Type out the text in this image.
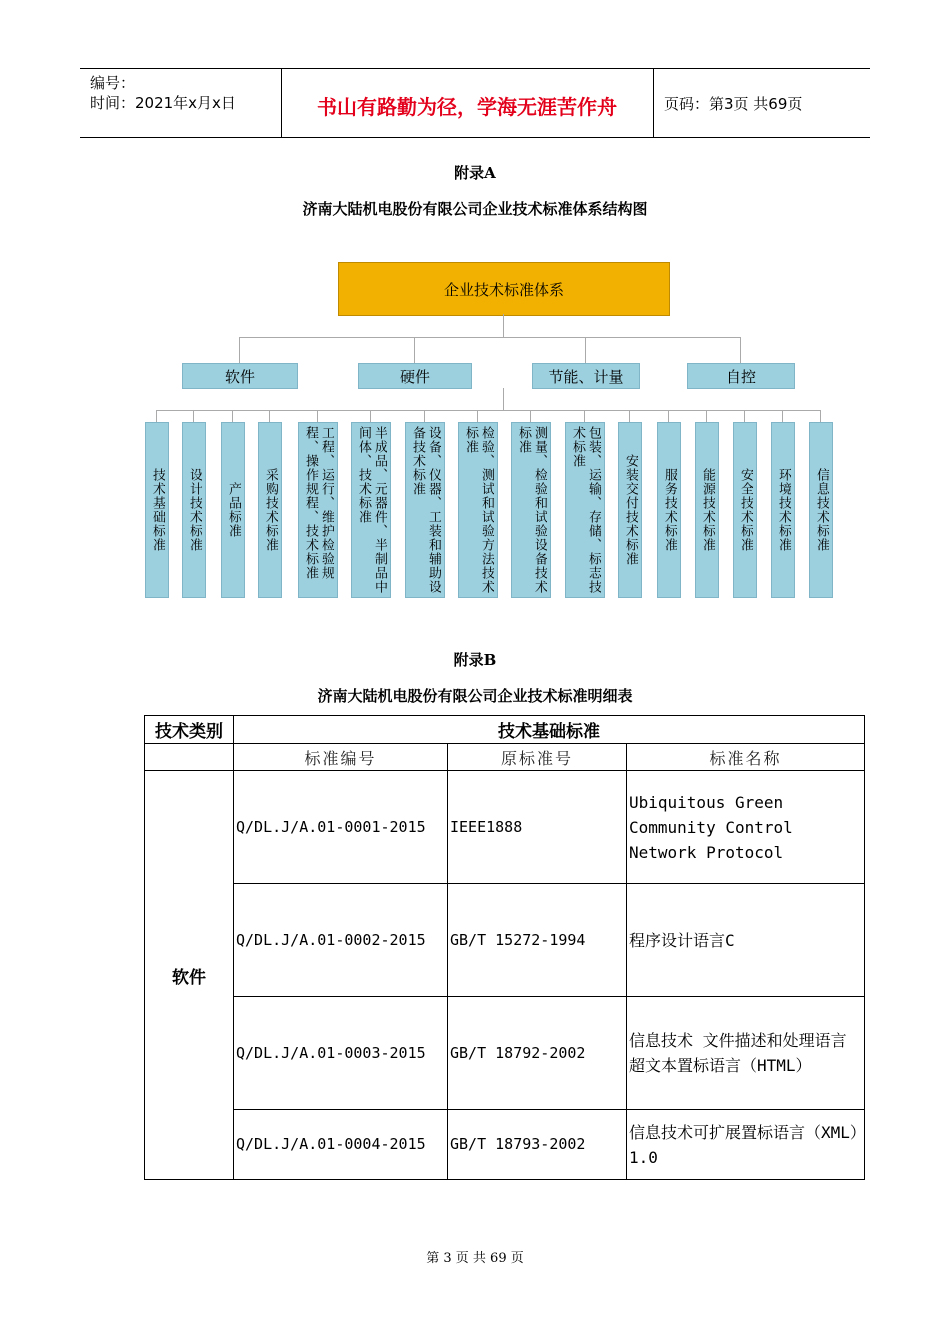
编号：
时间：2021年x月x日	书山有路勤为径，学海无涯苦作舟	页码：第3页 共69页
附录A
济南大陆机电股份有限公司企业技术标准体系结构图
企业技术标准体系
软件	硬件	节能、计量	自控
技术基础标准 设计技术标准 产品标准 采购技术标准	工程、运行、维护检验规程、操作规程、技术标准	半成品、元器件、半制品中间体、技术标准	设备、仪器、工装和辅助设备技术标准	检验、测试和试验方法技术标准	测量、检验和试验设备技术标准	包装、运输、存储、标志技术标准
安装交付技术标准 服务技术标准 能源技术标准 安全技术标准 环境技术标准 信息技术标准
附录B
济南大陆机电股份有限公司企业技术标准明细表
技术类别	技术基础标准		
	标准编号	原标准号	标准名称
软件	Q/DL.J/A.01-0001-2015	IEEE1888	Ubiquitous Green Community Control Network Protocol
	Q/DL.J/A.01-0002-2015	GB/T 15272-1994	程序设计语言C
	Q/DL.J/A.01-0003-2015	GB/T 18792-2002	信息技术 文件描述和处理语言 超文本置标语言（HTML）
	Q/DL.J/A.01-0004-2015	GB/T 18793-2002	信息技术可扩展置标语言（XML）1.0
第 3 页 共 69 页
